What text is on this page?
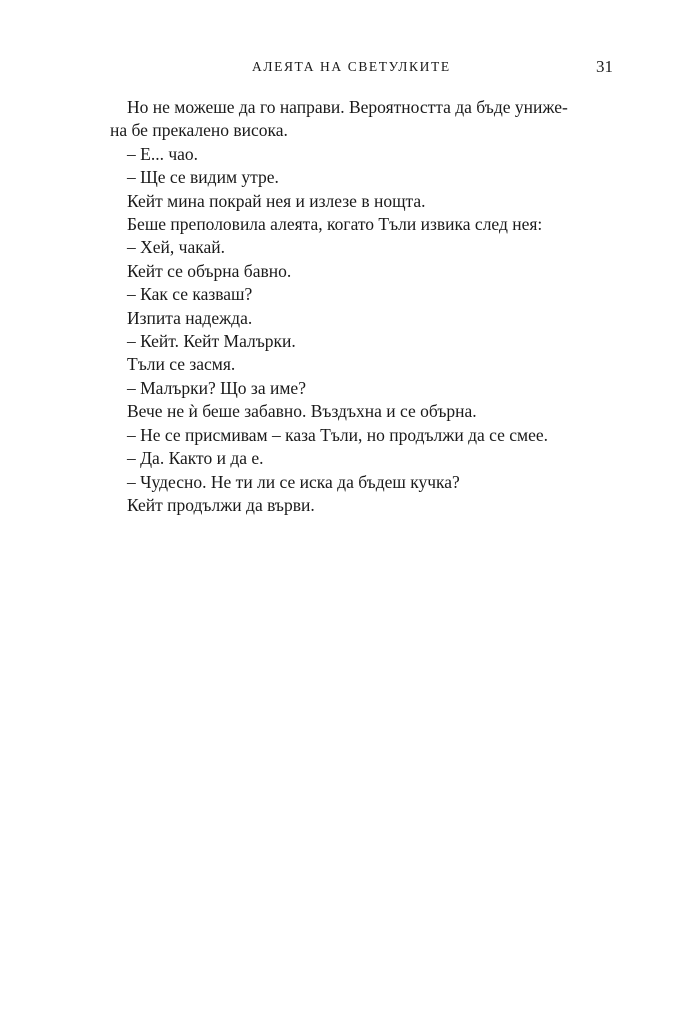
АЛЕЯТА НА СВЕТУЛКИТЕ	31
Но не можеше да го направи. Вероятността да бъде униже-
на бе прекалено висока.
– Е... чао.
– Ще се видим утре.
Кейт мина покрай нея и излезе в нощта.
Беше преполовила алеята, когато Тъли извика след нея:
– Хей, чакай.
Кейт се обърна бавно.
– Как се казваш?
Изпита надежда.
– Кейт. Кейт Малърки.
Тъли се засмя.
– Малърки? Що за име?
Вече не ѝ беше забавно. Въздъхна и се обърна.
– Не се присмивам – каза Тъли, но продължи да се смее.
– Да. Както и да е.
– Чудесно. Не ти ли се иска да бъдеш кучка?
Кейт продължи да върви.
